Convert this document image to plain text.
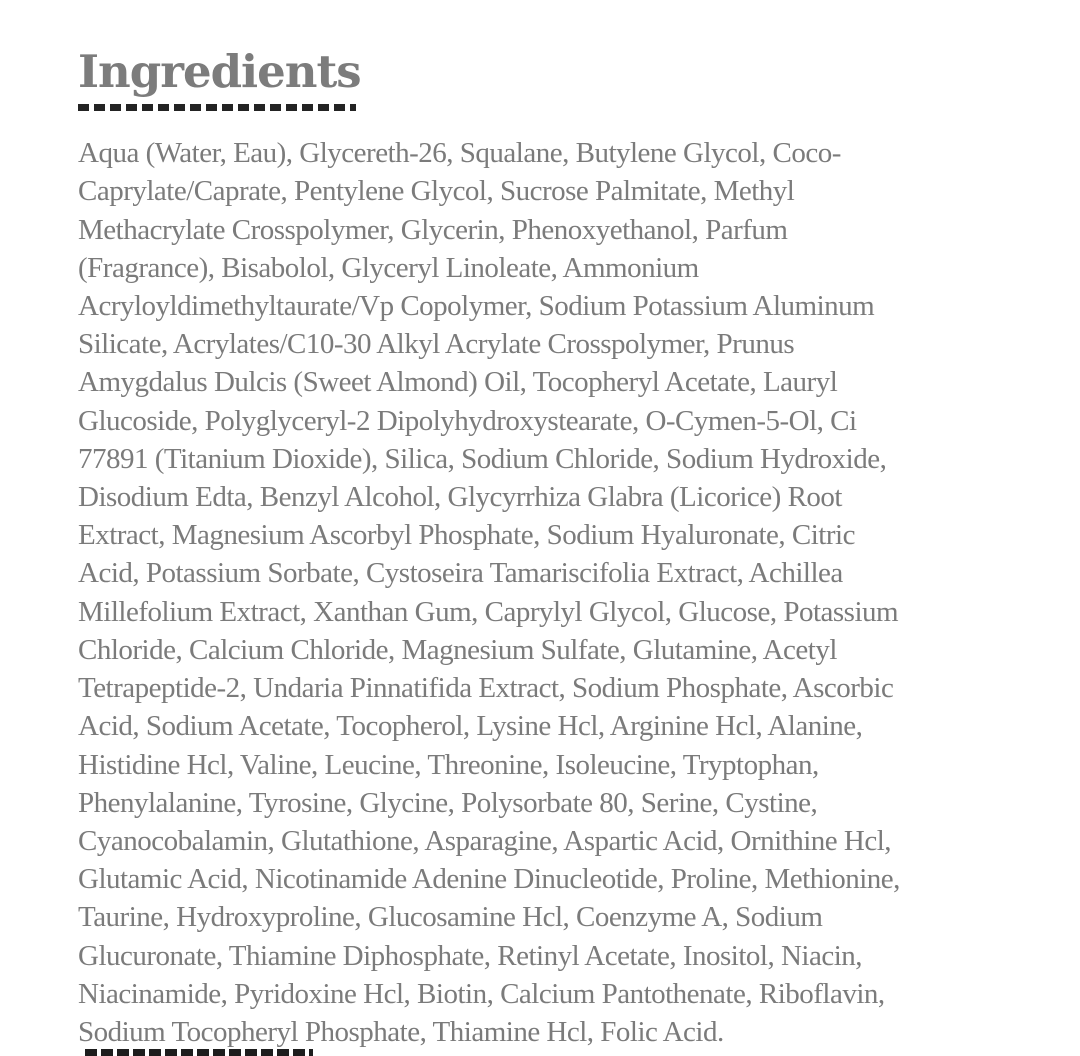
Ingredients
Aqua (Water, Eau), Glycereth-26, Squalane, Butylene Glycol, Coco-
Caprylate/Caprate, Pentylene Glycol, Sucrose Palmitate, Methyl
Methacrylate Crosspolymer, Glycerin, Phenoxyethanol, Parfum
(Fragrance), Bisabolol, Glyceryl Linoleate, Ammonium
Acryloyldimethyltaurate/Vp Copolymer, Sodium Potassium Aluminum
Silicate, Acrylates/C10-30 Alkyl Acrylate Crosspolymer, Prunus
Amygdalus Dulcis (Sweet Almond) Oil, Tocopheryl Acetate, Lauryl
Glucoside, Polyglyceryl-2 Dipolyhydroxystearate, O-Cymen-5-Ol, Ci
77891 (Titanium Dioxide), Silica, Sodium Chloride, Sodium Hydroxide,
Disodium Edta, Benzyl Alcohol, Glycyrrhiza Glabra (Licorice) Root
Extract, Magnesium Ascorbyl Phosphate, Sodium Hyaluronate, Citric
Acid, Potassium Sorbate, Cystoseira Tamariscifolia Extract, Achillea
Millefolium Extract, Xanthan Gum, Caprylyl Glycol, Glucose, Potassium
Chloride, Calcium Chloride, Magnesium Sulfate, Glutamine, Acetyl
Tetrapeptide-2, Undaria Pinnatifida Extract, Sodium Phosphate, Ascorbic
Acid, Sodium Acetate, Tocopherol, Lysine Hcl, Arginine Hcl, Alanine,
Histidine Hcl, Valine, Leucine, Threonine, Isoleucine, Tryptophan,
Phenylalanine, Tyrosine, Glycine, Polysorbate 80, Serine, Cystine,
Cyanocobalamin, Glutathione, Asparagine, Aspartic Acid, Ornithine Hcl,
Glutamic Acid, Nicotinamide Adenine Dinucleotide, Proline, Methionine,
Taurine, Hydroxyproline, Glucosamine Hcl, Coenzyme A, Sodium
Glucuronate, Thiamine Diphosphate, Retinyl Acetate, Inositol, Niacin,
Niacinamide, Pyridoxine Hcl, Biotin, Calcium Pantothenate, Riboflavin,
Sodium Tocopheryl Phosphate, Thiamine Hcl, Folic Acid.
